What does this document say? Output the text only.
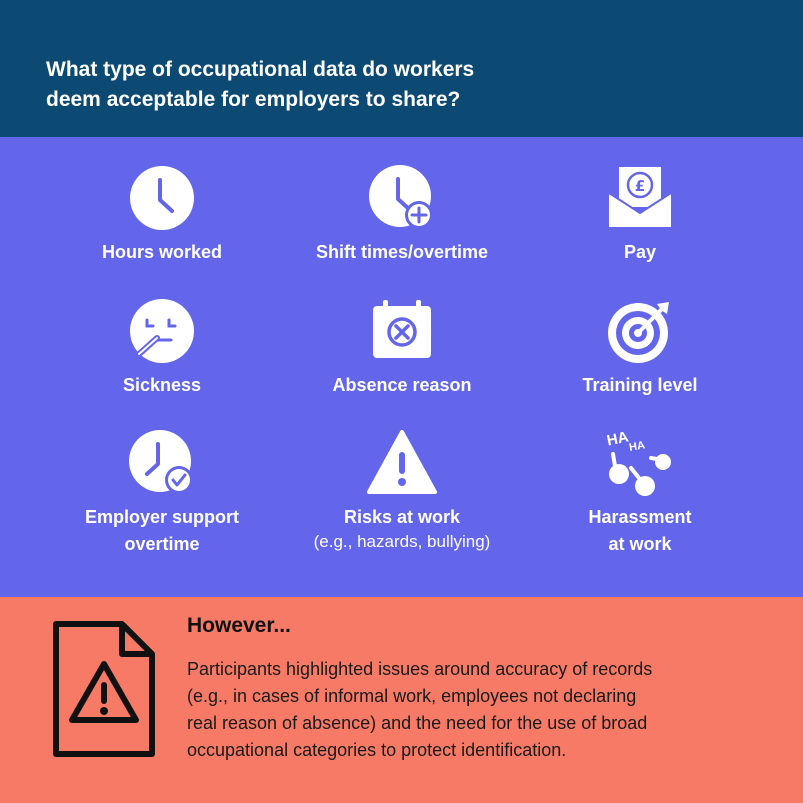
What type of occupational data do workers
deem acceptable for employers to share?
Hours worked	Shift times/overtime
£
Pay
Sickness	Absence reason	Training level
Employer support
overtime
Risks at work
(e.g., hazards, bullying)
HA
HA
Harassment
at work
However...

Participants highlighted issues around accuracy of records
(e.g., in cases of informal work, employees not declaring
real reason of absence) and the need for the use of broad
occupational categories to protect identification.
